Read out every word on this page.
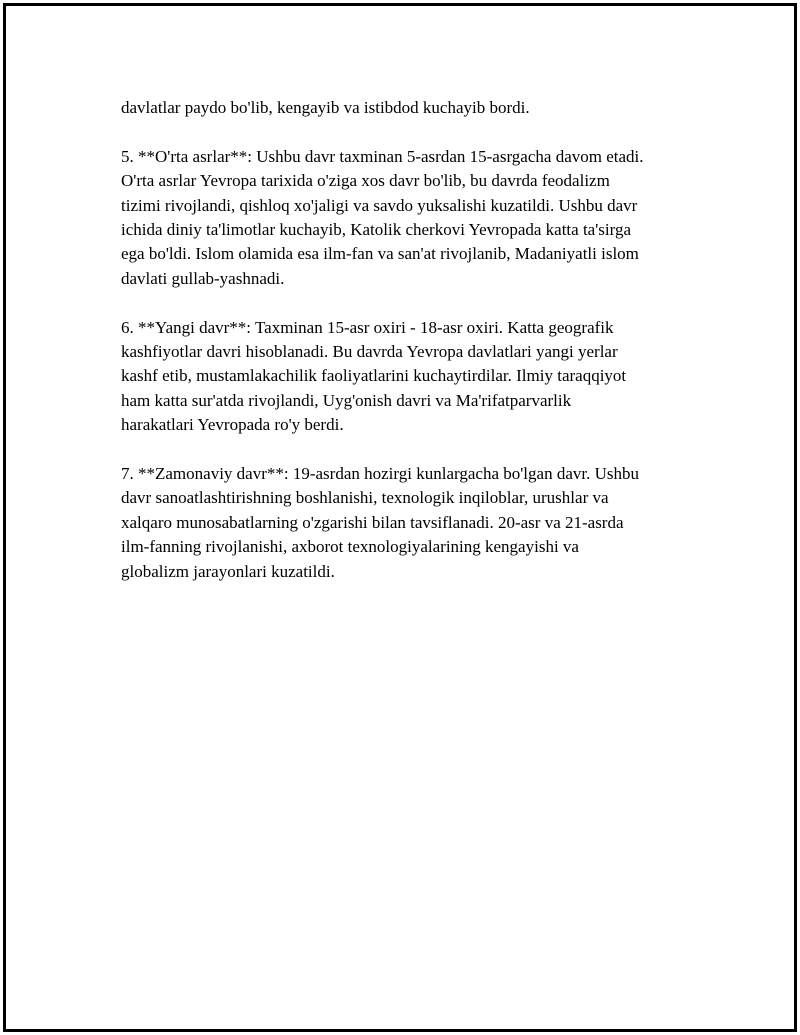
davlatlar paydo bo'lib, kengayib va istibdod kuchayib bordi.

5. **O'rta asrlar**: Ushbu davr taxminan 5-asrdan 15-asrgacha davom etadi.
O'rta asrlar Yevropa tarixida o'ziga xos davr bo'lib, bu davrda feodalizm
tizimi rivojlandi, qishloq xo'jaligi va savdo yuksalishi kuzatildi. Ushbu davr
ichida diniy ta'limotlar kuchayib, Katolik cherkovi Yevropada katta ta'sirga
ega bo'ldi. Islom olamida esa ilm-fan va san'at rivojlanib, Madaniyatli islom
davlati gullab-yashnadi.

6. **Yangi davr**: Taxminan 15-asr oxiri - 18-asr oxiri. Katta geografik
kashfiyotlar davri hisoblanadi. Bu davrda Yevropa davlatlari yangi yerlar
kashf etib, mustamlakachilik faoliyatlarini kuchaytirdilar. Ilmiy taraqqiyot
ham katta sur'atda rivojlandi, Uyg'onish davri va Ma'rifatparvarlik
harakatlari Yevropada ro'y berdi.

7. **Zamonaviy davr**: 19-asrdan hozirgi kunlargacha bo'lgan davr. Ushbu
davr sanoatlashtirishning boshlanishi, texnologik inqiloblar, urushlar va
xalqaro munosabatlarning o'zgarishi bilan tavsiflanadi. 20-asr va 21-asrda
ilm-fanning rivojlanishi, axborot texnologiyalarining kengayishi va
globalizm jarayonlari kuzatildi.
